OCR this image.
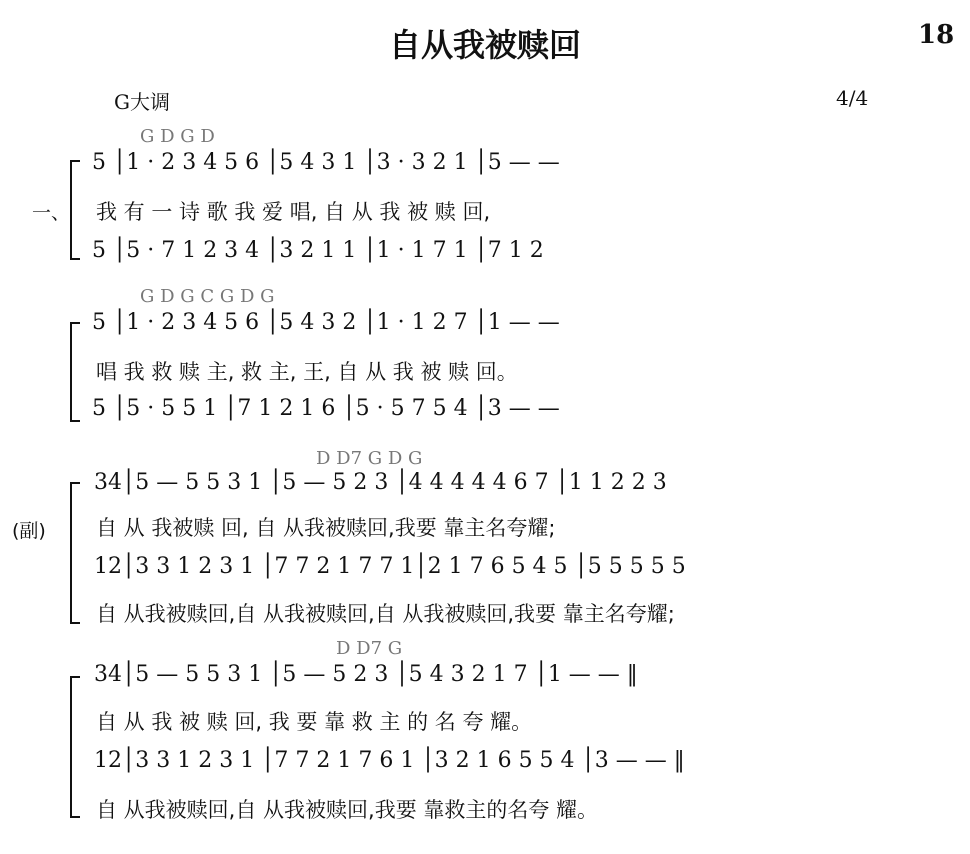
自从我被赎回	18
G大调	4/4
一、
G D G D
5 │1 · 2 3 4 5 6 │5 4 3 1 │3 · 3 2 1 │5 — —
我 有 一 诗 歌 我 爱 唱, 自 从 我 被 赎 回,
5 │5 · 7 1 2 3 4 │3 2 1 1 │1 · 1 7 1 │7 1 2
G D G C G D G
5 │1 · 2 3 4 5 6 │5 4 3 2 │1 · 1 2 7 │1 — —
唱 我 救 赎 主, 救 主, 王, 自 从 我 被 赎 回。
5 │5 · 5 5 1 │7 1 2 1 6 │5 · 5 7 5 4 │3 — —
(副)
D D7 G D G
34│5 — 5 5 3 1 │5 — 5 2 3 │4 4 4 4 4 6 7 │1 1 2 2 3
自 从 我被赎 回, 自 从我被赎回,我要 靠主名夸耀;
12│3 3 1 2 3 1 │7 7 2 1 7 7 1│2 1 7 6 5 4 5 │5 5 5 5 5
自 从我被赎回,自 从我被赎回,自 从我被赎回,我要 靠主名夸耀;
D D7 G
34│5 — 5 5 3 1 │5 — 5 2 3 │5 4 3 2 1 7 │1 — — ‖
自 从 我 被 赎 回, 我 要 靠 救 主 的 名 夸 耀。
12│3 3 1 2 3 1 │7 7 2 1 7 6 1 │3 2 1 6 5 5 4 │3 — — ‖
自 从我被赎回,自 从我被赎回,我要 靠救主的名夸 耀。
